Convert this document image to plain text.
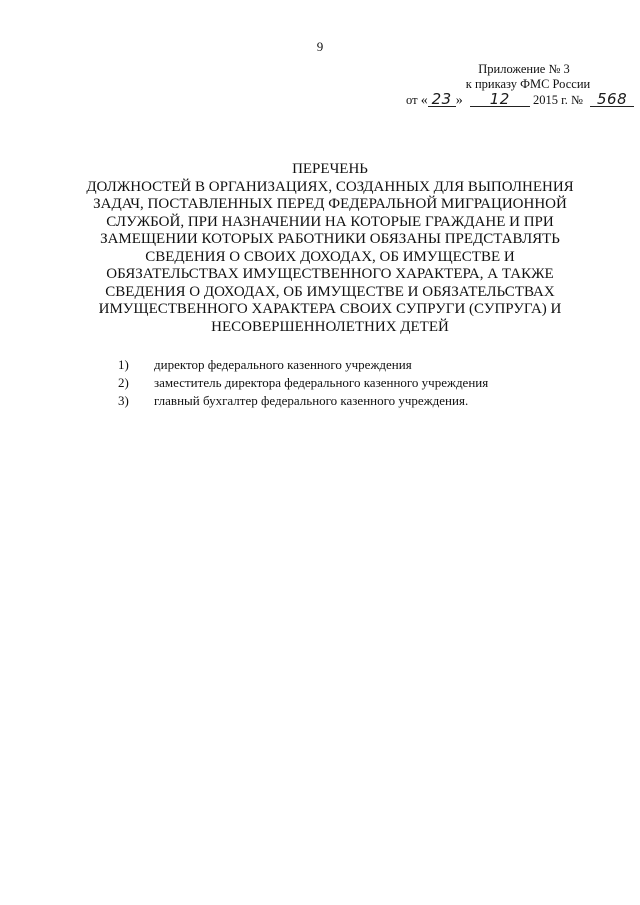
9
Приложение № 3
к приказу ФМС России
от « 23 » 12 2015 г. № 568
ПЕРЕЧЕНЬ
ДОЛЖНОСТЕЙ В ОРГАНИЗАЦИЯХ, СОЗДАННЫХ ДЛЯ ВЫПОЛНЕНИЯ
ЗАДАЧ, ПОСТАВЛЕННЫХ ПЕРЕД ФЕДЕРАЛЬНОЙ МИГРАЦИОННОЙ
СЛУЖБОЙ, ПРИ НАЗНАЧЕНИИ НА КОТОРЫЕ ГРАЖДАНЕ И ПРИ
ЗАМЕЩЕНИИ КОТОРЫХ РАБОТНИКИ ОБЯЗАНЫ ПРЕДСТАВЛЯТЬ
СВЕДЕНИЯ О СВОИХ ДОХОДАХ, ОБ ИМУЩЕСТВЕ И
ОБЯЗАТЕЛЬСТВАХ ИМУЩЕСТВЕННОГО ХАРАКТЕРА, А ТАКЖЕ
СВЕДЕНИЯ О ДОХОДАХ, ОБ ИМУЩЕСТВЕ И ОБЯЗАТЕЛЬСТВАХ
ИМУЩЕСТВЕННОГО ХАРАКТЕРА СВОИХ СУПРУГИ (СУПРУГА) И
НЕСОВЕРШЕННОЛЕТНИХ ДЕТЕЙ
1) директор федерального казенного учреждения
2) заместитель директора федерального казенного учреждения
3) главный бухгалтер федерального казенного учреждения.
